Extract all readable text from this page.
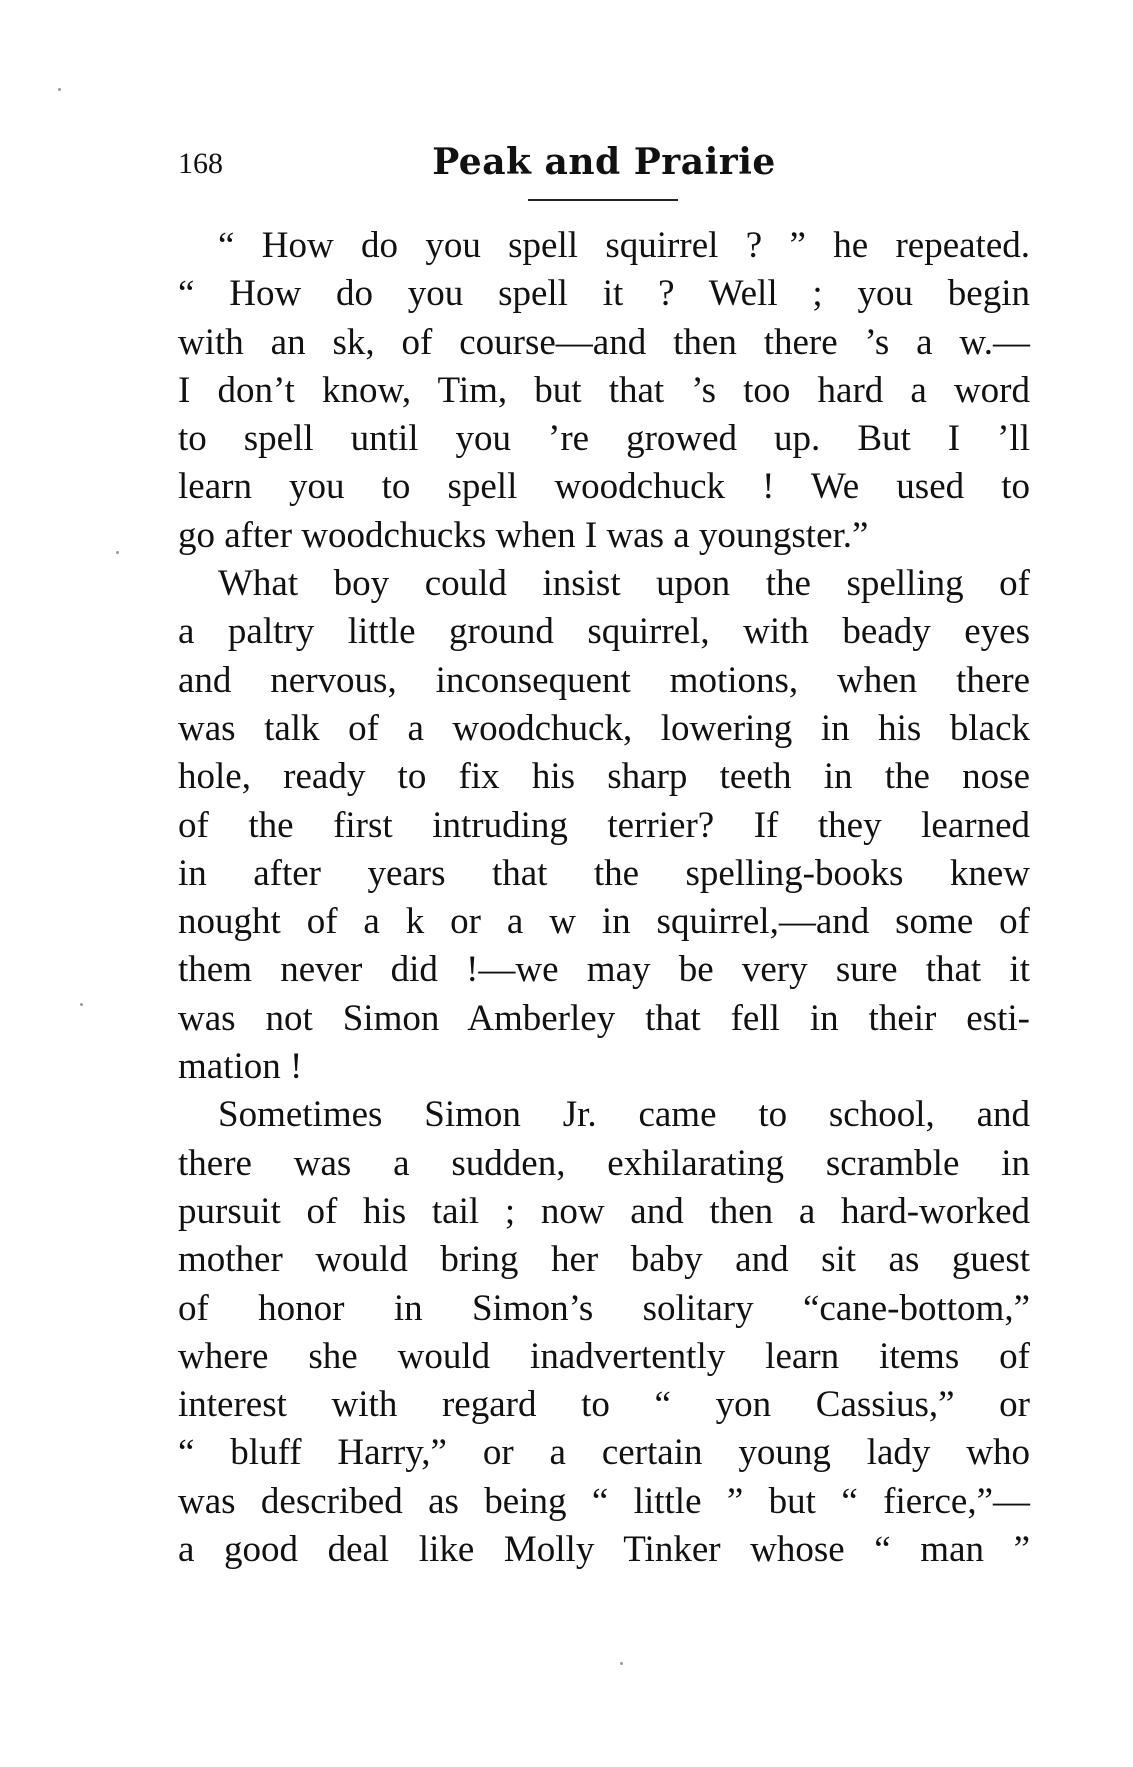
168	Peak and Prairie
“ How do you spell squirrel ? ” he repeated.
“ How do you spell it ? Well ; you begin
with an sk, of course—and then there ’s a w.—
I don’t know, Tim, but that ’s too hard a word
to spell until you ’re growed up. But I ’ll
learn you to spell woodchuck ! We used to
go after woodchucks when I was a youngster.”
What boy could insist upon the spelling of
a paltry little ground squirrel, with beady eyes
and nervous, inconsequent motions, when there
was talk of a woodchuck, lowering in his black
hole, ready to fix his sharp teeth in the nose
of the first intruding terrier? If they learned
in after years that the spelling-books knew
nought of a k or a w in squirrel,—and some of
them never did !—we may be very sure that it
was not Simon Amberley that fell in their esti-
mation !
Sometimes Simon Jr. came to school, and
there was a sudden, exhilarating scramble in
pursuit of his tail ; now and then a hard-worked
mother would bring her baby and sit as guest
of honor in Simon’s solitary “cane-bottom,”
where she would inadvertently learn items of
interest with regard to “ yon Cassius,” or
“ bluff Harry,” or a certain young lady who
was described as being “ little ” but “ fierce,”—
a good deal like Molly Tinker whose “ man ”
